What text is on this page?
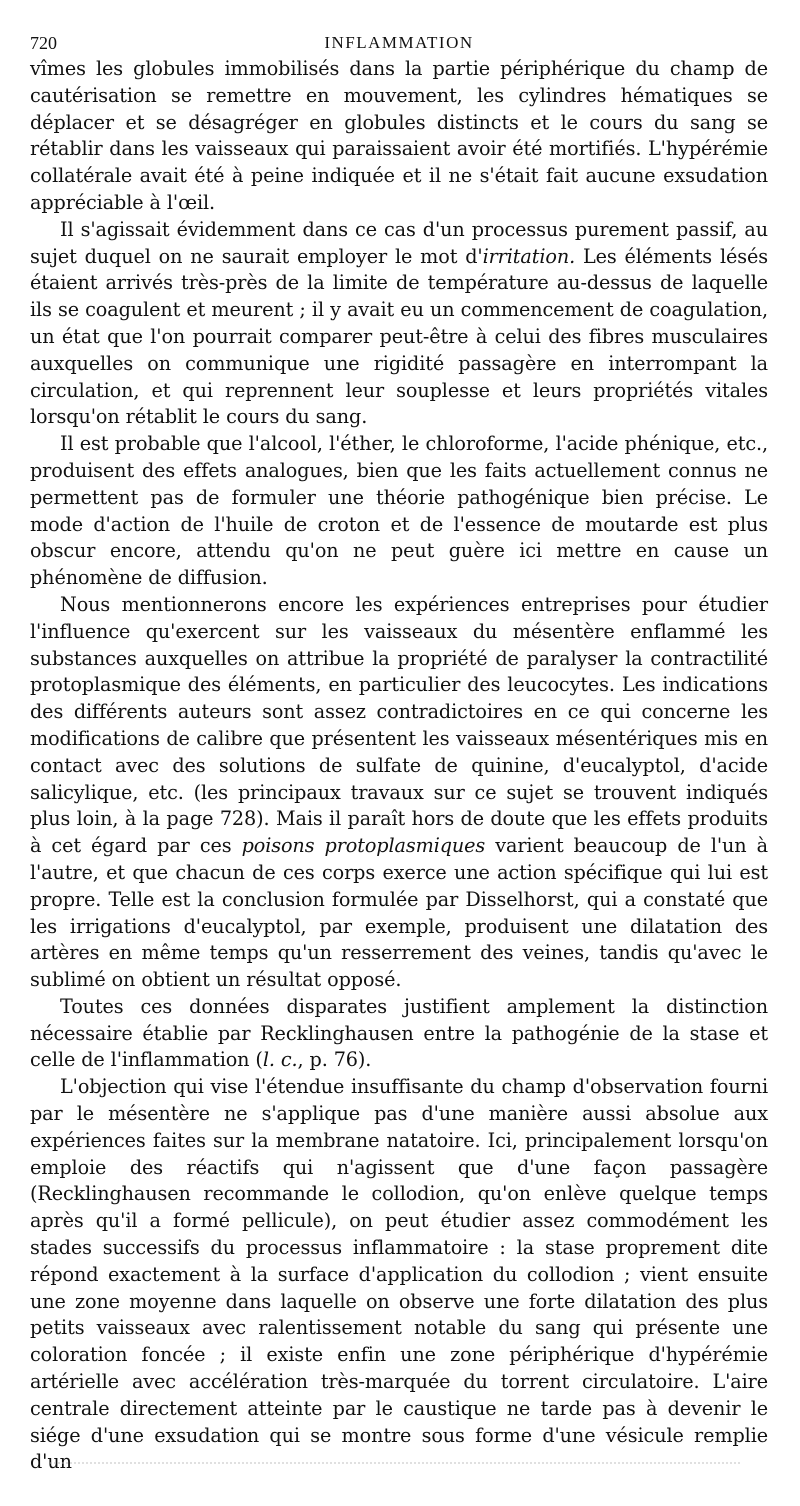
720	INFLAMMATION

vîmes les globules immobilisés dans la partie périphérique du champ de cautérisation se remettre en mouvement, les cylindres hématiques se déplacer et se désagréger en globules distincts et le cours du sang se rétablir dans les vaisseaux qui paraissaient avoir été mortifiés. L'hypérémie collatérale avait été à peine indiquée et il ne s'était fait aucune exsudation appréciable à l'œil.

Il s'agissait évidemment dans ce cas d'un processus purement passif, au sujet duquel on ne saurait employer le mot d'irritation. Les éléments lésés étaient arrivés très-près de la limite de température au-dessus de laquelle ils se coagulent et meurent ; il y avait eu un commencement de coagulation, un état que l'on pourrait comparer peut-être à celui des fibres musculaires auxquelles on communique une rigidité passagère en interrompant la circulation, et qui reprennent leur souplesse et leurs propriétés vitales lorsqu'on rétablit le cours du sang.

Il est probable que l'alcool, l'éther, le chloroforme, l'acide phénique, etc., produisent des effets analogues, bien que les faits actuellement connus ne permettent pas de formuler une théorie pathogénique bien précise. Le mode d'action de l'huile de croton et de l'essence de moutarde est plus obscur encore, attendu qu'on ne peut guère ici mettre en cause un phénomène de diffusion.

Nous mentionnerons encore les expériences entreprises pour étudier l'influence qu'exercent sur les vaisseaux du mésentère enflammé les substances auxquelles on attribue la propriété de paralyser la contractilité protoplasmique des éléments, en particulier des leucocytes. Les indications des différents auteurs sont assez contradictoires en ce qui concerne les modifications de calibre que présentent les vaisseaux mésentériques mis en contact avec des solutions de sulfate de quinine, d'eucalyptol, d'acide salicylique, etc. (les principaux travaux sur ce sujet se trouvent indiqués plus loin, à la page 728). Mais il paraît hors de doute que les effets produits à cet égard par ces poisons protoplasmiques varient beaucoup de l'un à l'autre, et que chacun de ces corps exerce une action spécifique qui lui est propre. Telle est la conclusion formulée par Disselhorst, qui a constaté que les irrigations d'eucalyptol, par exemple, produisent une dilatation des artères en même temps qu'un resserrement des veines, tandis qu'avec le sublimé on obtient un résultat opposé.

Toutes ces données disparates justifient amplement la distinction nécessaire établie par Recklinghausen entre la pathogénie de la stase et celle de l'inflammation (l. c., p. 76).

L'objection qui vise l'étendue insuffisante du champ d'observation fourni par le mésentère ne s'applique pas d'une manière aussi absolue aux expériences faites sur la membrane natatoire. Ici, principalement lorsqu'on emploie des réactifs qui n'agissent que d'une façon passagère (Recklinghausen recommande le collodion, qu'on enlève quelque temps après qu'il a formé pellicule), on peut étudier assez commodément les stades successifs du processus inflammatoire : la stase proprement dite répond exactement à la surface d'application du collodion ; vient ensuite une zone moyenne dans laquelle on observe une forte dilatation des plus petits vaisseaux avec ralentissement notable du sang qui présente une coloration foncée ; il existe enfin une zone périphérique d'hypérémie artérielle avec accélération très-marquée du torrent circulatoire. L'aire centrale directement atteinte par le caustique ne tarde pas à devenir le siége d'une exsudation qui se montre sous forme d'une vésicule remplie d'un
